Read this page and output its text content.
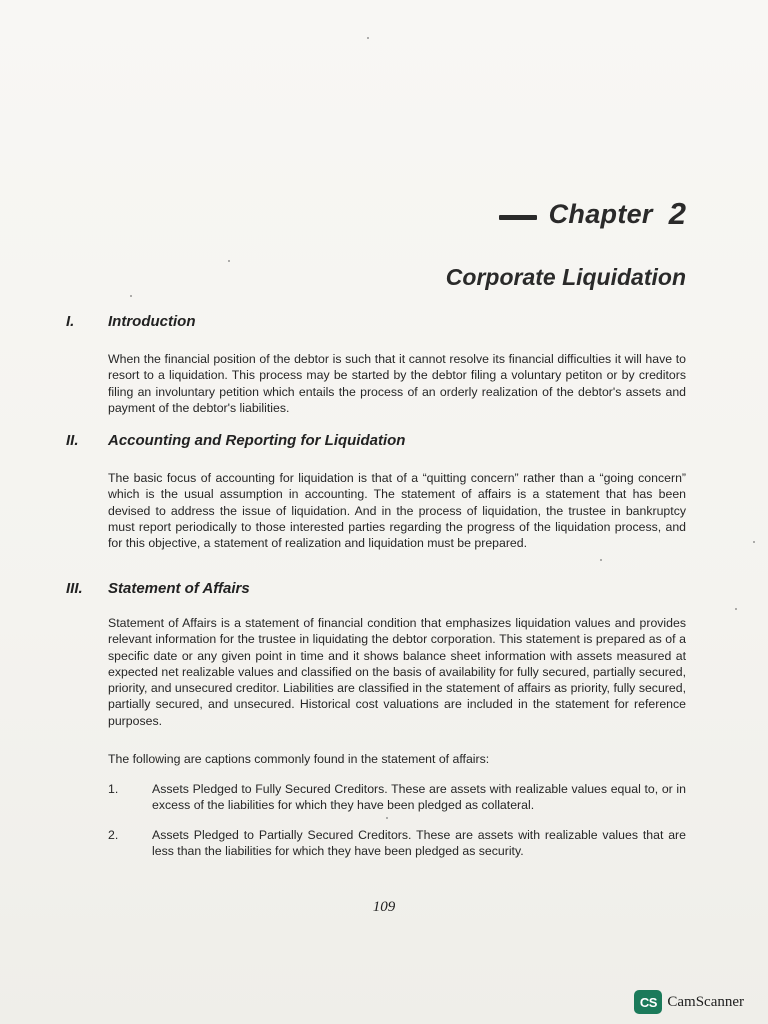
Chapter 2
Corporate Liquidation
I.	Introduction
When the financial position of the debtor is such that it cannot resolve its financial difficulties it will have to resort to a liquidation. This process may be started by the debtor filing a voluntary petiton or by creditors filing an involuntary petition which entails the process of an orderly realization of the debtor's assets and payment of the debtor's liabilities.
II.	Accounting and Reporting for Liquidation
The basic focus of accounting for liquidation is that of a “quitting concern” rather than a “going concern” which is the usual assumption in accounting. The statement of affairs is a statement that has been devised to address the issue of liquidation. And in the process of liquidation, the trustee in bankruptcy must report periodically to those interested parties regarding the progress of the liquidation process, and for this objective, a statement of realization and liquidation must be prepared.
III.	Statement of Affairs
Statement of Affairs is a statement of financial condition that emphasizes liquidation values and provides relevant information for the trustee in liquidating the debtor corporation. This statement is prepared as of a specific date or any given point in time and it shows balance sheet information with assets measured at expected net realizable values and classified on the basis of availability for fully secured, partially secured, priority, and unsecured creditor. Liabilities are classified in the statement of affairs as priority, fully secured, partially secured, and unsecured. Historical cost valuations are included in the statement for reference purposes.
The following are captions commonly found in the statement of affairs:
1.	Assets Pledged to Fully Secured Creditors. These are assets with realizable values equal to, or in excess of the liabilities for which they have been pledged as collateral.
2.	Assets Pledged to Partially Secured Creditors. These are assets with realizable values that are less than the liabilities for which they have been pledged as security.
109
CS CamScanner
